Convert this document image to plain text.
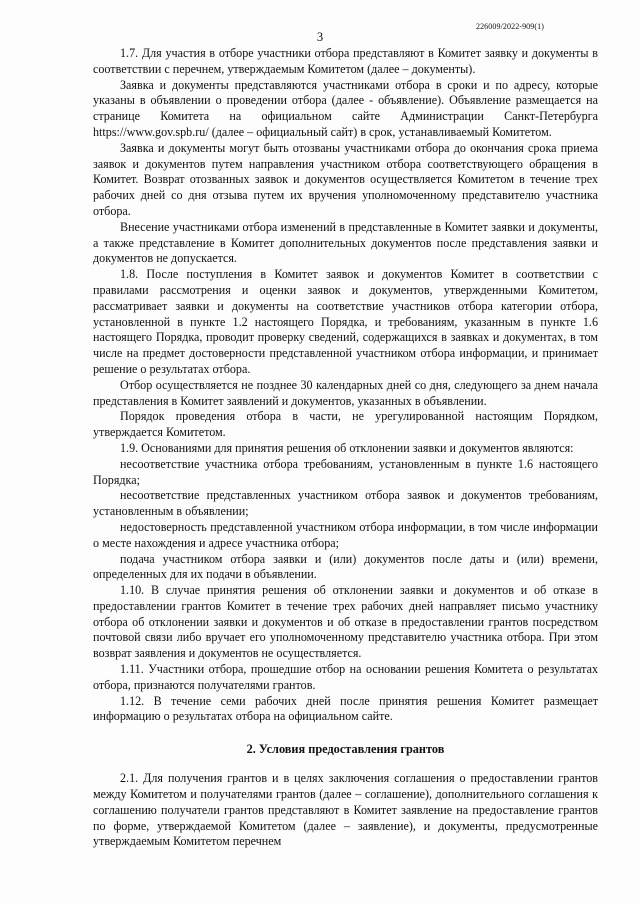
226009/2022-909(1)
3

1.7. Для участия в отборе участники отбора представляют в Комитет заявку и документы в соответствии с перечнем, утверждаемым Комитетом (далее – документы).

Заявка и документы представляются участниками отбора в сроки и по адресу, которые указаны в объявлении о проведении отбора (далее - объявление). Объявление размещается на странице Комитета на официальном сайте Администрации Санкт-Петербурга https://www.gov.spb.ru/ (далее – официальный сайт) в срок, устанавливаемый Комитетом.

Заявка и документы могут быть отозваны участниками отбора до окончания срока приема заявок и документов путем направления участником отбора соответствующего обращения в Комитет. Возврат отозванных заявок и документов осуществляется Комитетом в течение трех рабочих дней со дня отзыва путем их вручения уполномоченному представителю участника отбора.

Внесение участниками отбора изменений в представленные в Комитет заявки и документы, а также представление в Комитет дополнительных документов после представления заявки и документов не допускается.

1.8. После поступления в Комитет заявок и документов Комитет в соответствии с правилами рассмотрения и оценки заявок и документов, утвержденными Комитетом, рассматривает заявки и документы на соответствие участников отбора категории отбора, установленной в пункте 1.2 настоящего Порядка, и требованиям, указанным в пункте 1.6 настоящего Порядка, проводит проверку сведений, содержащихся в заявках и документах, в том числе на предмет достоверности представленной участником отбора информации, и принимает решение о результатах отбора.

Отбор осуществляется не позднее 30 календарных дней со дня, следующего за днем начала представления в Комитет заявлений и документов, указанных в объявлении.

Порядок проведения отбора в части, не урегулированной настоящим Порядком, утверждается Комитетом.

1.9. Основаниями для принятия решения об отклонении заявки и документов являются:

несоответствие участника отбора требованиям, установленным в пункте 1.6 настоящего Порядка;

несоответствие представленных участником отбора заявок и документов требованиям, установленным в объявлении;

недостоверность представленной участником отбора информации, в том числе информации о месте нахождения и адресе участника отбора;

подача участником отбора заявки и (или) документов после даты и (или) времени, определенных для их подачи в объявлении.

1.10. В случае принятия решения об отклонении заявки и документов и об отказе в предоставлении грантов Комитет в течение трех рабочих дней направляет письмо участнику отбора об отклонении заявки и документов и об отказе в предоставлении грантов посредством почтовой связи либо вручает его уполномоченному представителю участника отбора. При этом возврат заявления и документов не осуществляется.

1.11. Участники отбора, прошедшие отбор на основании решения Комитета о результатах отбора, признаются получателями грантов.

1.12. В течение семи рабочих дней после принятия решения Комитет размещает информацию о результатах отбора на официальном сайте.

2. Условия предоставления грантов

2.1. Для получения грантов и в целях заключения соглашения о предоставлении грантов между Комитетом и получателями грантов (далее – соглашение), дополнительного соглашения к соглашению получатели грантов представляют в Комитет заявление на предоставление грантов по форме, утверждаемой Комитетом (далее – заявление), и документы, предусмотренные утверждаемым Комитетом перечнем
